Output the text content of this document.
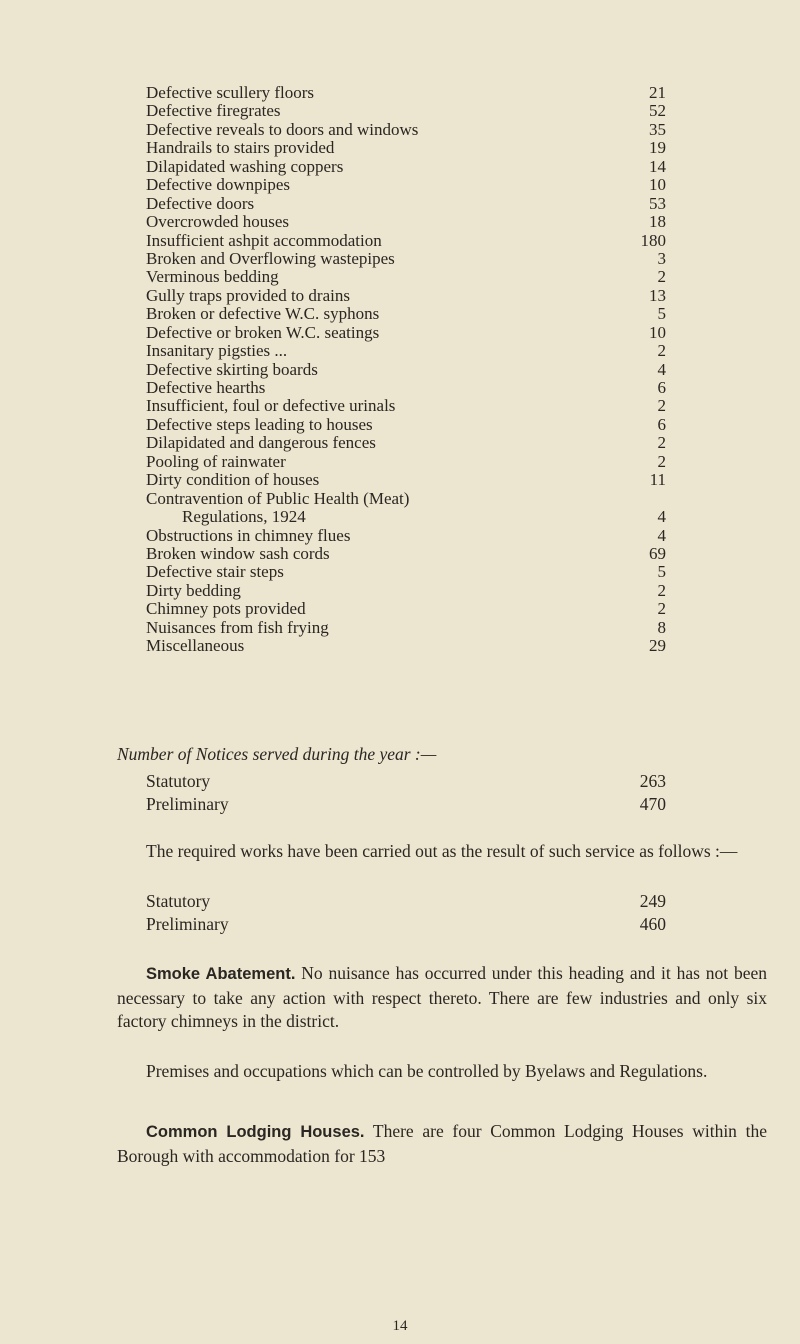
Defective scullery floors	21
Defective firegrates	52
Defective reveals to doors and windows	35
Handrails to stairs provided	19
Dilapidated washing coppers	14
Defective downpipes	10
Defective doors	53
Overcrowded houses	18
Insufficient ashpit accommodation	180
Broken and Overflowing wastepipes	3
Verminous bedding	2
Gully traps provided to drains	13
Broken or defective W.C. syphons	5
Defective or broken W.C. seatings	10
Insanitary pigsties ...	2
Defective skirting boards	4
Defective hearths	6
Insufficient, foul or defective urinals	2
Defective steps leading to houses	6
Dilapidated and dangerous fences	2
Pooling of rainwater	2
Dirty condition of houses	11
Contravention of Public Health (Meat)
Regulations, 1924	4
Obstructions in chimney flues	4
Broken window sash cords	69
Defective stair steps	5
Dirty bedding	2
Chimney pots provided	2
Nuisances from fish frying	8
Miscellaneous	29
Number of Notices served during the year :—
Statutory	263
Preliminary	470
The required works have been carried out as the result of such service as follows :—
Statutory	249
Preliminary	460
Smoke Abatement. No nuisance has occurred under this heading and it has not been necessary to take any action with respect thereto. There are few industries and only six factory chimneys in the district.
Premises and occupations which can be controlled by Byelaws and Regulations.
Common Lodging Houses. There are four Common Lodging Houses within the Borough with accommodation for 153
14
